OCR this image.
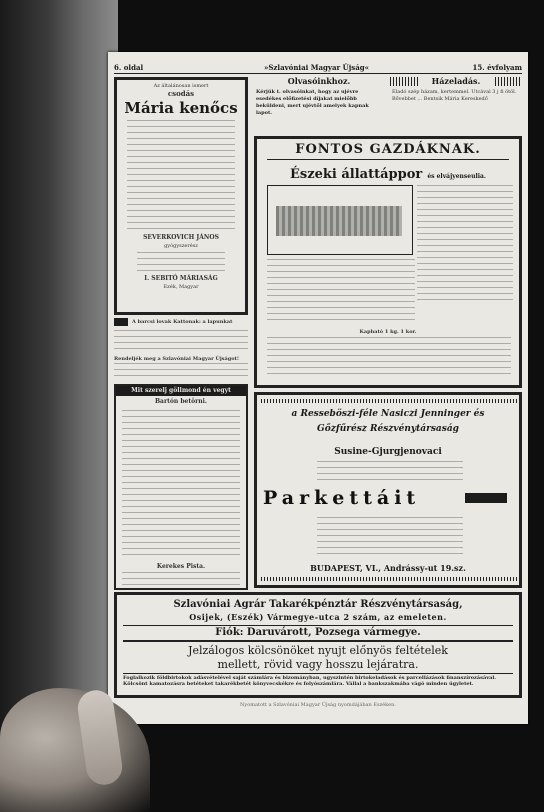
6. oldal	»Szlavóniai Magyar Újság«	15. évfolyam
Az általánosan ismert
csodás
Mária kenőcs
SEVERKOVICH JÁNOS
gyógyszerész
I. SEBITÓ MÁRIASÁG
Ezék, Magyar
A barcsi lovak Kattonak: a lapunkat
Rendeljék meg a Szlavóniai Magyar Újságot!
Mit szerelj göllmond én vegyt
Bartón betörni.
Kerekes Pista.
Olvasóinkhoz.
Kérjük t. olvasóinkat, hogy az ujévre esedékes előfizetési díjakat mielőbb beküldeni, mert ujévtől amelyek kapnak lapot.
Házeladás.
Eladó szép házam, kertemmel. Utcával 3 j fi ötöl. Bővebbet ... Bentsik Mária Kereskedő
FONTOS GAZDÁKNAK.
Észeki állattáppor és elvájyenseulia.
Kapható 1 kg. 1 kor.
a Resseböszi-féle Nasiczi Jenninger és
Gőzfűrész Részvénytársaság
Susine-Gjurgjenovaci
Parkettáit
BUDAPEST, VI., Andrássy-ut 19.sz.
Szlavóniai Agrár Takarékpénztár Részvénytársaság,
Osijek, (Eszék) Vármegye-utca 2 szám, az emeleten.
Fiók: Daruvárott, Pozsega vármegye.
Jelzálogos kölcsönöket nyujt előnyös feltételek
mellett, rövid vagy hosszu lejáratra.
Foglalkozik földbirtokok adásvételével saját számlára és bizományban, ugyszintén birtokeladások és parcellázások finanszírozásával. Kölcsönt kamatozásra betéteket takarékbetét könyvecskékre és folyószámlára. Vállal a bankszakmába vágó minden ügyletet.
Nyomatott a Szlavóniai Magyar Újság nyomdájában Eszéken.
